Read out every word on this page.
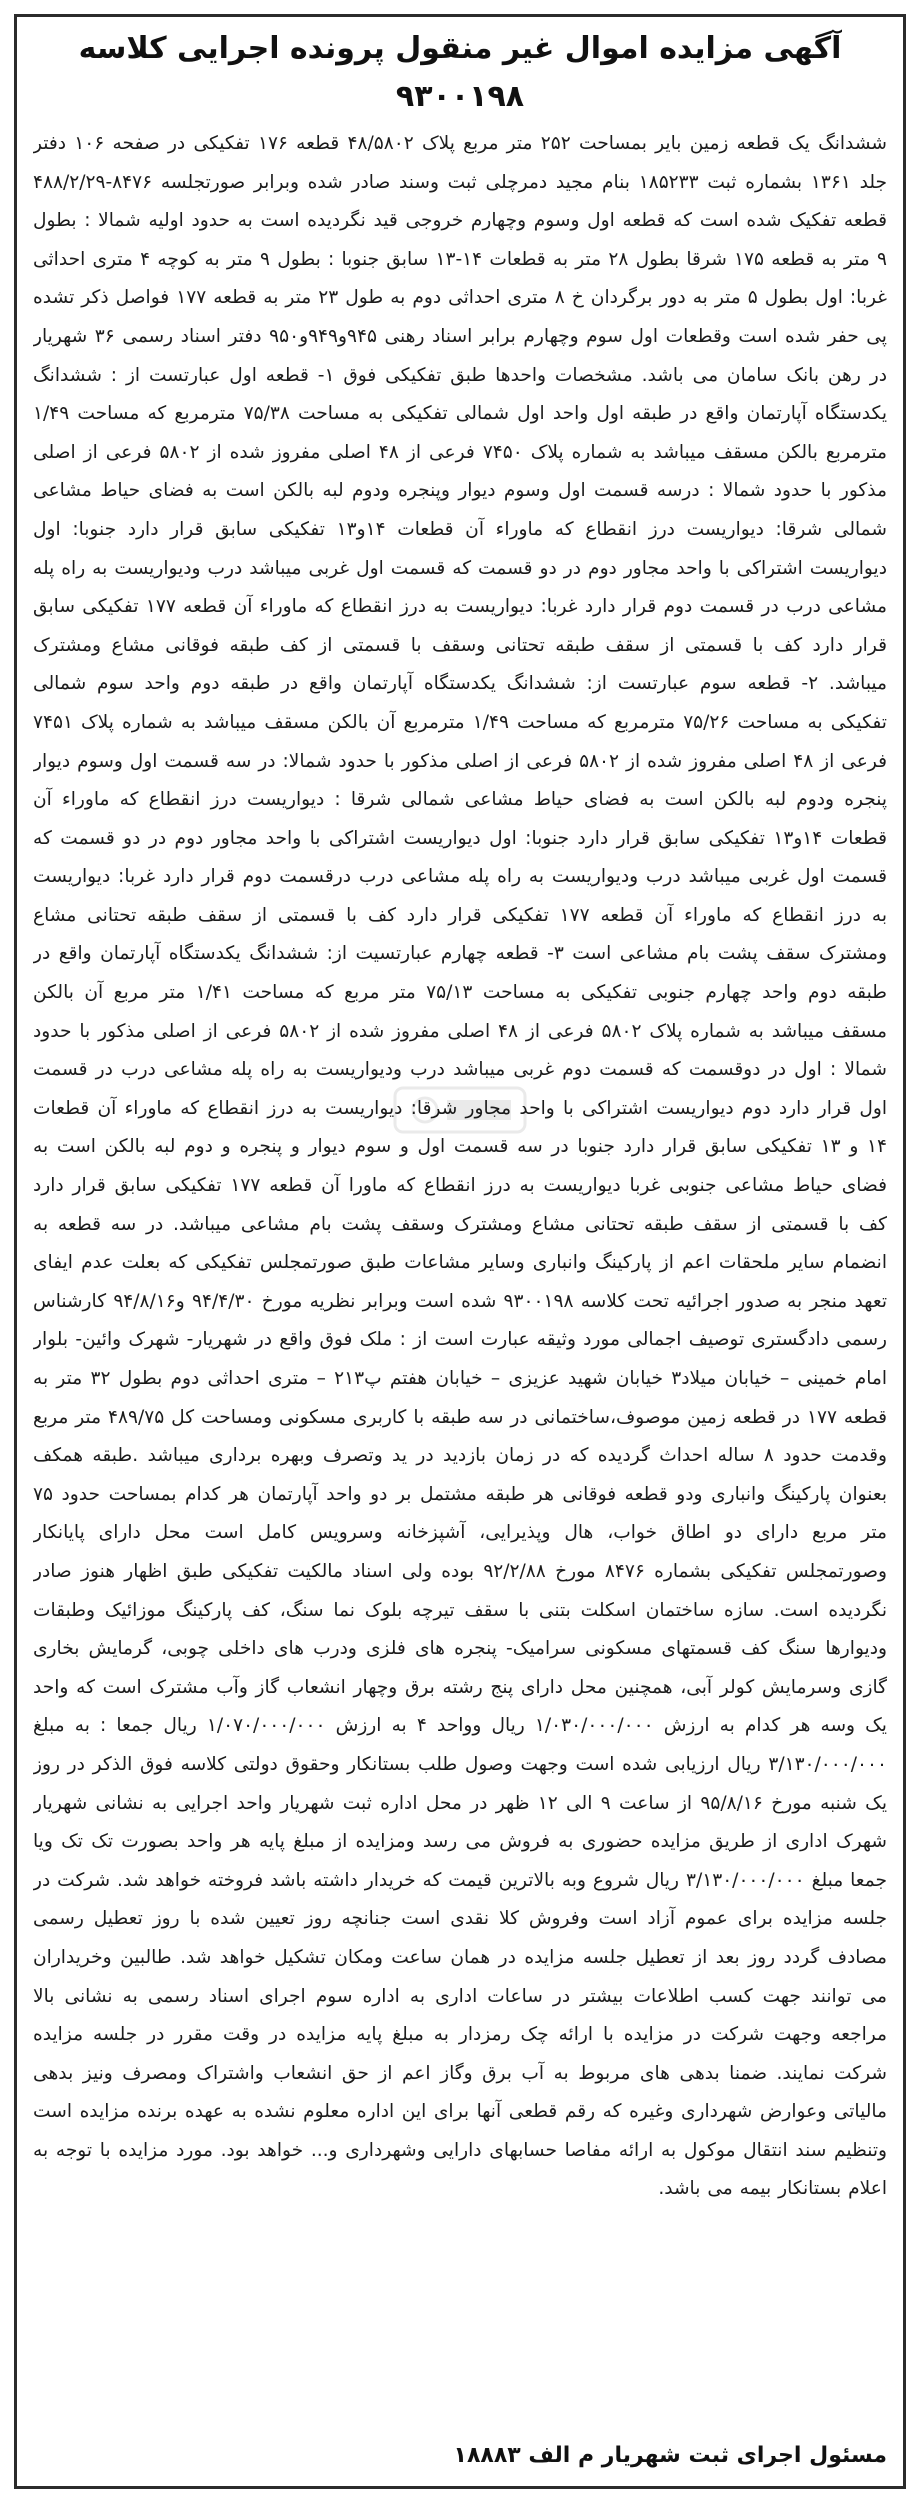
آگهی مزایده اموال غیر منقول پرونده اجرایی کلاسه ۹۳۰۰۱۹۸

ششدانگ یک قطعه زمین بایر بمساحت ۲۵۲ متر مربع پلاک ۴۸/۵۸۰۲ قطعه ۱۷۶ تفکیکی در صفحه ۱۰۶ دفتر جلد ۱۳۶۱ بشماره ثبت ۱۸۵۲۳۳ بنام مجید دمرچلی ثبت وسند صادر شده وبرابر صورتجلسه ۸۴۷۶-۴۸۸/۲/۲۹ قطعه تفکیک شده است که قطعه اول وسوم وچهارم خروجی قید نگردیده است به حدود اولیه شمالا : بطول ۹ متر به قطعه ۱۷۵ شرقا بطول ۲۸ متر به قطعات ۱۴-۱۳ سابق جنوبا : بطول ۹ متر به کوچه ۴ متری احداثی غربا: اول بطول ۵ متر به دور برگردان خ ۸ متری احداثی دوم به طول ۲۳ متر به قطعه ۱۷۷ فواصل ذکر تشده پی حفر شده است وقطعات اول سوم وچهارم برابر اسناد رهنی ۹۴۵و۹۴۹و۹۵۰ دفتر اسناد رسمی ۳۶ شهریار در رهن بانک سامان می باشد. مشخصات واحدها طبق تفکیکی فوق ۱- قطعه اول عبارتست از : ششدانگ یکدستگاه آپارتمان واقع در طبقه اول واحد اول شمالی تفکیکی به مساحت ۷۵/۳۸ مترمربع که مساحت ۱/۴۹ مترمربع بالکن مسقف میباشد به شماره پلاک ۷۴۵۰ فرعی از ۴۸ اصلی مفروز شده از ۵۸۰۲ فرعی از اصلی مذکور با حدود شمالا : درسه قسمت اول وسوم دیوار وپنجره ودوم لبه بالکن است به فضای حیاط مشاعی شمالی شرقا: دیواریست درز انقطاع که ماوراء آن قطعات ۱۴و۱۳ تفکیکی سابق قرار دارد جنوبا: اول دیواریست اشتراکی با واحد مجاور دوم در دو قسمت که قسمت اول غربی میباشد درب ودیواریست به راه پله مشاعی درب در قسمت دوم قرار دارد غربا: دیواریست به درز انقطاع که ماوراء آن قطعه ۱۷۷ تفکیکی سابق قرار دارد کف با قسمتی از سقف طبقه تحتانی وسقف با قسمتی از کف طبقه فوقانی مشاع ومشترک میباشد. ۲- قطعه سوم عبارتست از: ششدانگ یکدستگاه آپارتمان واقع در طبقه دوم واحد سوم شمالی تفکیکی به مساحت ۷۵/۲۶ مترمربع که مساحت ۱/۴۹ مترمربع آن بالکن مسقف میباشد به شماره پلاک ۷۴۵۱ فرعی از ۴۸ اصلی مفروز شده از ۵۸۰۲ فرعی از اصلی مذکور با حدود شمالا: در سه قسمت اول وسوم دیوار پنجره ودوم لبه بالکن است به فضای حیاط مشاعی شمالی شرقا : دیواریست درز انقطاع که ماوراء آن قطعات ۱۴و۱۳ تفکیکی سابق قرار دارد جنوبا: اول دیواریست اشتراکی با واحد مجاور دوم در دو قسمت که قسمت اول غربی میباشد درب ودیواریست به راه پله مشاعی درب درقسمت دوم قرار دارد غربا: دیواریست به درز انقطاع که ماوراء آن قطعه ۱۷۷ تفکیکی قرار دارد کف با قسمتی از سقف طبقه تحتانی مشاع ومشترک سقف پشت بام مشاعی است ۳- قطعه چهارم عبارتسیت از: ششدانگ یکدستگاه آپارتمان واقع در طبقه دوم واحد چهارم جنوبی تفکیکی به مساحت ۷۵/۱۳ متر مربع که مساحت ۱/۴۱ متر مربع آن بالکن مسقف میباشد به شماره پلاک ۵۸۰۲ فرعی از ۴۸ اصلی مفروز شده از ۵۸۰۲ فرعی از اصلی مذکور با حدود شمالا : اول در دوقسمت که قسمت دوم غربی میباشد درب ودیواریست به راه پله مشاعی درب در قسمت اول قرار دارد دوم دیواریست اشتراکی با واحد مجاور شرقا: دیواریست به درز انقطاع که ماوراء آن قطعات ۱۴ و ۱۳ تفکیکی سابق قرار دارد جنوبا در سه قسمت اول و سوم دیوار و پنجره و دوم لبه بالکن است به فضای حیاط مشاعی جنوبی غربا دیواریست به درز انقطاع که ماورا آن قطعه ۱۷۷ تفکیکی سابق قرار دارد کف با قسمتی از سقف طبقه تحتانی مشاع ومشترک وسقف پشت بام مشاعی میباشد. در سه قطعه به انضمام سایر ملحقات اعم از پارکینگ وانباری وسایر مشاعات طبق صورتمجلس تفکیکی که بعلت عدم ایفای تعهد منجر به صدور اجرائیه تحت کلاسه ۹۳۰۰۱۹۸ شده است وبرابر نظریه مورخ ۹۴/۴/۳۰ و۹۴/۸/۱۶ کارشناس رسمی دادگستری توصیف اجمالی مورد وثیقه عبارت است از : ملک فوق واقع در شهریار- شهرک وائین- بلوار امام خمینی – خیابان میلاد۳ خیابان شهید عزیزی – خیابان هفتم پ۲۱۳ – متری احداثی دوم بطول ۳۲ متر به قطعه ۱۷۷ در قطعه زمین موصوف،ساختمانی در سه طبقه با کاربری مسکونی ومساحت کل ۴۸۹/۷۵ متر مربع وقدمت حدود ۸ ساله احداث گردیده که در زمان بازدید در ید وتصرف وبهره برداری میباشد .طبقه همکف بعنوان پارکینگ وانباری ودو قطعه فوقانی هر طبقه مشتمل بر دو واحد آپارتمان هر کدام بمساحت حدود ۷۵ متر مربع دارای دو اطاق خواب، هال وپذیرایی، آشپزخانه وسرویس کامل است محل دارای پایانکار وصورتمجلس تفکیکی بشماره ۸۴۷۶ مورخ ۹۲/۲/۸۸ بوده ولی اسناد مالکیت تفکیکی طبق اظهار هنوز صادر نگردیده است. سازه ساختمان اسکلت بتنی با سقف تیرچه بلوک نما سنگ، کف پارکینگ موزائیک وطبقات ودیوارها سنگ کف قسمتهای مسکونی سرامیک- پنجره های فلزی ودرب های داخلی چوبی، گرمایش بخاری گازی وسرمایش کولر آبی، همچنین محل دارای پنج رشته برق وچهار انشعاب گاز وآب مشترک است که واحد یک وسه هر کدام به ارزش ۱/۰۳۰/۰۰۰/۰۰۰ ریال وواحد ۴ به ارزش ۱/۰۷۰/۰۰۰/۰۰۰ ریال جمعا : به مبلغ ۳/۱۳۰/۰۰۰/۰۰۰ ریال ارزیابی شده است وجهت وصول طلب بستانکار وحقوق دولتی کلاسه فوق الذکر در روز یک شنبه مورخ ۹۵/۸/۱۶ از ساعت ۹ الی ۱۲ ظهر در محل اداره ثبت شهریار واحد اجرایی به نشانی شهریار شهرک اداری از طریق مزایده حضوری به فروش می رسد ومزایده از مبلغ پایه هر واحد بصورت تک تک ویا جمعا مبلغ ۳/۱۳۰/۰۰۰/۰۰۰ ریال شروع وبه بالاترین قیمت که خریدار داشته باشد فروخته خواهد شد. شرکت در جلسه مزایده برای عموم آزاد است وفروش کلا نقدی است جنانچه روز تعیین شده با روز تعطیل رسمی مصادف گردد روز بعد از تعطیل جلسه مزایده در همان ساعت ومکان تشکیل خواهد شد. طالبین وخریداران می توانند جهت کسب اطلاعات بیشتر در ساعات اداری به اداره سوم اجرای اسناد رسمی به نشانی بالا مراجعه وجهت شرکت در مزایده با ارائه چک رمزدار به مبلغ پایه مزایده در وقت مقرر در جلسه مزایده شرکت نمایند. ضمنا بدهی های مربوط به آب برق وگاز اعم از حق انشعاب واشتراک ومصرف ونیز بدهی مالیاتی وعوارض شهرداری وغیره که رقم قطعی آنها برای این اداره معلوم نشده به عهده برنده مزایده است وتنظیم سند انتقال موکول به ارائه مفاصا حسابهای دارایی وشهرداری و... خواهد بود. مورد مزایده با توجه به اعلام بستانکار بیمه می باشد.

مسئول اجرای ثبت شهریار م الف ۱۸۸۸۳
